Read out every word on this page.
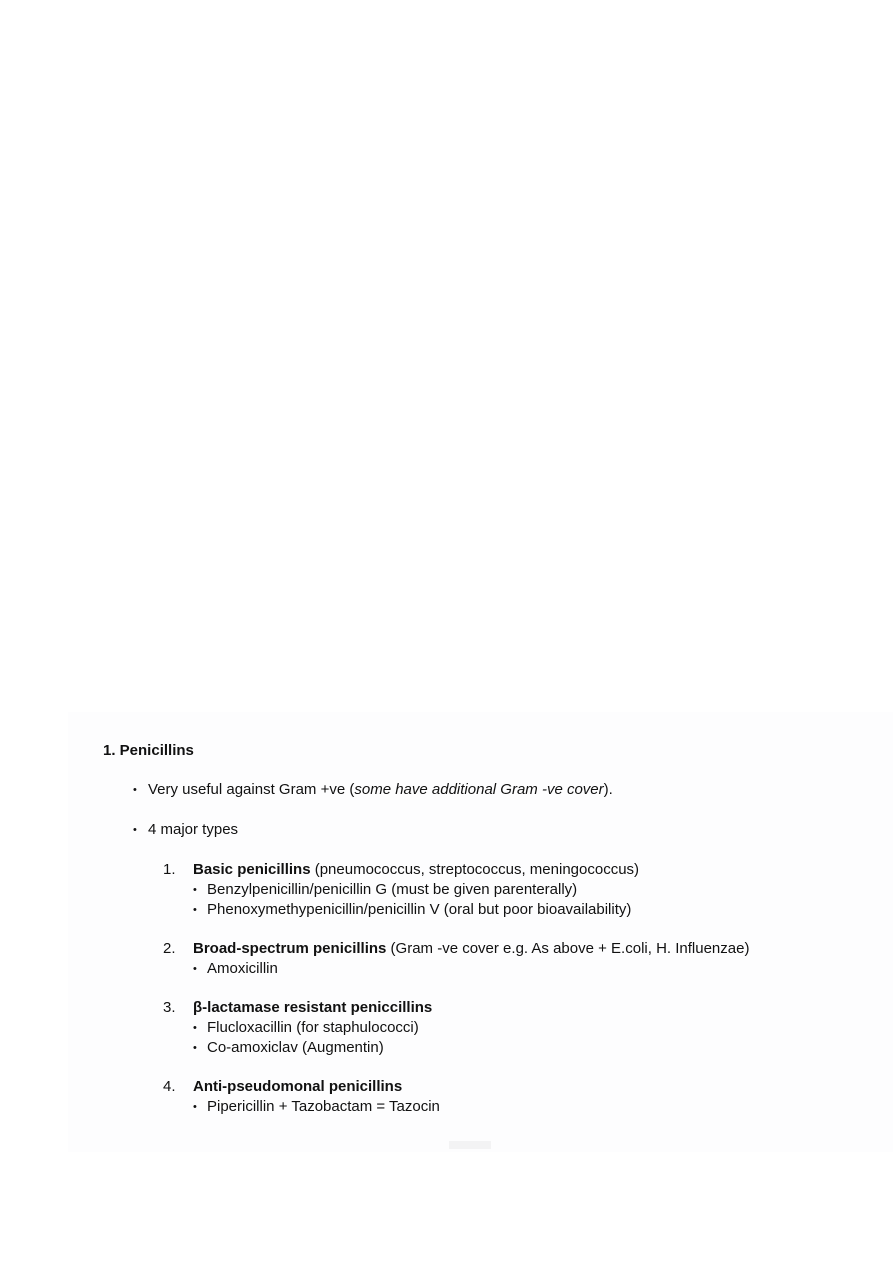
1. Penicillins
• Very useful against Gram +ve (some have additional Gram -ve cover).
• 4 major types
1. Basic penicillins (pneumococcus, streptococcus, meningococcus)
• Benzylpenicillin/penicillin G (must be given parenterally)
• Phenoxymethypenicillin/penicillin V (oral but poor bioavailability)
2. Broad-spectrum penicillins (Gram -ve cover e.g. As above + E.coli, H. Influenzae)
• Amoxicillin
3. β-lactamase resistant peniccillins
• Flucloxacillin (for staphulococci)
• Co-amoxiclav (Augmentin)
4. Anti-pseudomonal penicillins
• Pipericillin + Tazobactam = Tazocin
